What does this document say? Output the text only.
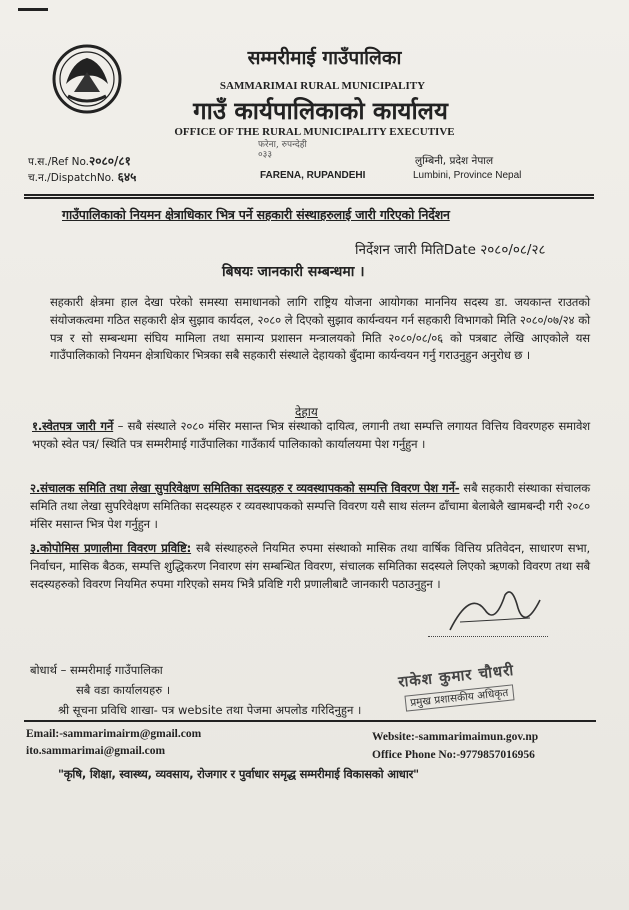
सम्मरीमाई गाउँपालिका
SAMMARIMAI RURAL MUNICIPALITY
गाउँ कार्यपालिकाको कार्यालय
OFFICE OF THE RURAL MUNICIPALITY EXECUTIVE
फरेना, रुपन्देही
०३३
प.स./Ref No.२०८०/८१
च.न./DispatchNo. ६४५	FARENA, RUPANDEHI
लुम्बिनी, प्रदेश नेपाल
Lumbini, Province Nepal
गाउँपालिकाको नियमन क्षेत्राधिकार भित्र पर्ने सहकारी संस्थाहरुलाई जारी गरिएको निर्देशन
निर्देशन जारी मितिDate २०८०/०८/२८
बिषयः जानकारी सम्बन्धमा ।
सहकारी क्षेत्रमा हाल देखा परेको समस्या समाधानको लागि राष्ट्रिय योजना आयोगका माननिय सदस्य डा. जयकान्त राउतको संयोजकत्वमा गठित सहकारी क्षेत्र सुझाव कार्यदल, २०८० ले दिएको सुझाव कार्यन्वयन गर्न सहकारी विभागको मिति २०८०/०७/२४ को पत्र र सो सम्बन्धमा संघिय मामिला तथा समान्य प्रशासन मन्त्रालयको मिति २०८०/०८/०६ को पत्रबाट लेखि आएकोले यस गाउँपालिकाको नियमन क्षेत्राधिकार भित्रका सबै सहकारी संस्थाले देहायको बुँदामा कार्यन्वयन गर्नु गराउनुहुन अनुरोध छ ।
देहाय
१.स्वेतपत्र जारी गर्ने – सबै संस्थाले २०८० मंसिर मसान्त भित्र संस्थाको दायित्व, लगानी तथा सम्पत्ति लगायत वित्तिय विवरणहरु समावेश भएको स्वेत पत्र/ स्थिति पत्र सम्मरीमाई गाउँपालिका गाउँकार्य पालिकाको कार्यालयमा पेश गर्नुहुन ।
२.संचालक समिति तथा लेखा सुपरिवेक्षण समितिका सदस्यहरु र व्यवस्थापकको सम्पत्ति विवरण पेश गर्ने- सबै सहकारी संस्थाका संचालक समिति तथा लेखा सुपरिवेक्षण समितिका सदस्यहरु र व्यवस्थापकको सम्पत्ति विवरण यसै साथ संलग्न ढाँचामा बेलाबेलै खामबन्दी गरी २०८० मंसिर मसान्त भित्र पेश गर्नुहुन ।
३.कोपोमिस प्रणालीमा विवरण प्रविष्टि: सबै संस्थाहरुले नियमित रुपमा संस्थाको मासिक तथा वार्षिक वित्तिय प्रतिवेदन, साधारण सभा, निर्वाचन, मासिक बैठक, सम्पत्ति शुद्धिकरण निवारण संग सम्बन्धित विवरण, संचालक समितिका सदस्यले लिएको ऋणको विवरण तथा सबै सदस्यहरुको विवरण नियमित रुपमा गरिएको समय भित्रै प्रविष्टि गरी प्रणालीबाटै जानकारी पठाउनुहुन ।
राकेश कुमार चौधरी
प्रमुख प्रशासकीय अधिकृत
बोधार्थ – सम्मरीमाई गाउँपालिका
सबै वडा कार्यालयहरु ।
श्री सूचना प्रविधि शाखा- पत्र website तथा पेजमा अपलोड गरिदिनुहुन ।
Email:-sammarimairm@gmail.com
ito.sammarimai@gmail.com
Website:-sammarimaimun.gov.np
Office Phone No:-9779857016956
"कृषि, शिक्षा, स्वास्थ्य, व्यवसाय, रोजगार र पुर्वाधार समृद्ध सम्मरीमाई विकासको आधार"
